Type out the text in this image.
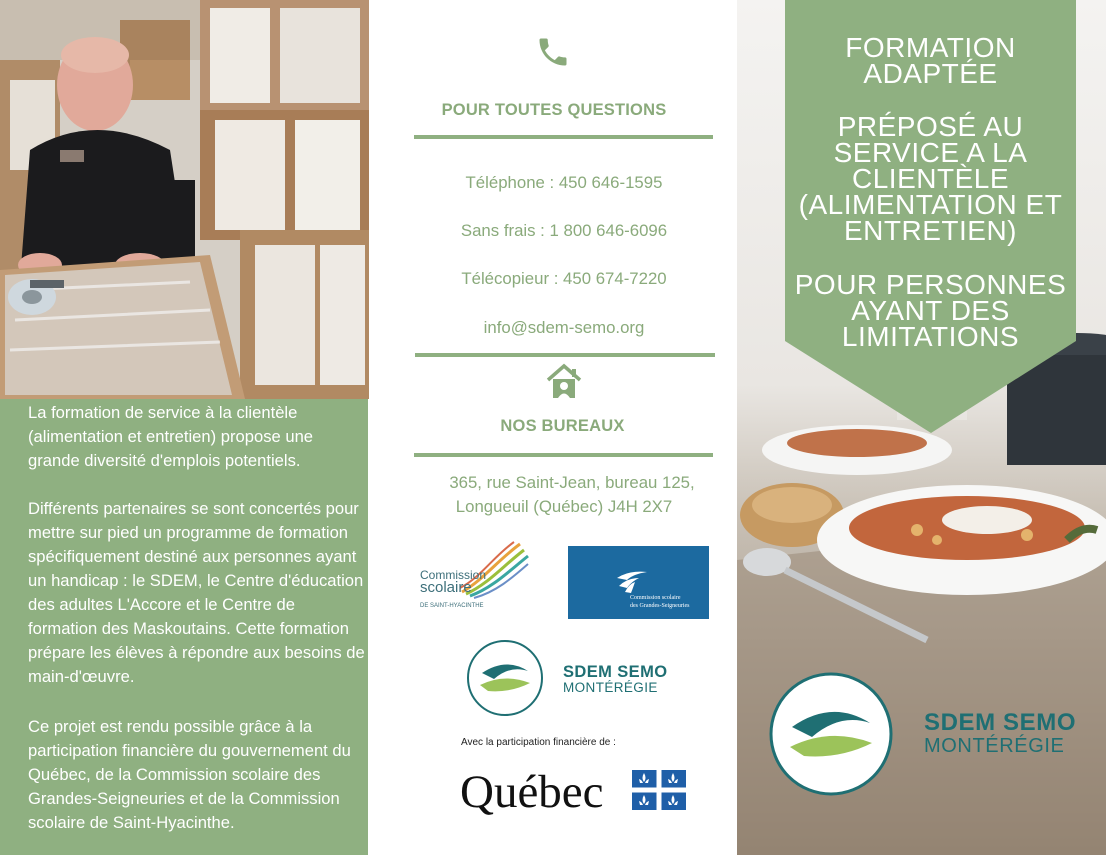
La formation de service à la clientèle (alimentation et entretien) propose une grande diversité d'emplois potentiels.

Différents partenaires se sont concertés pour mettre sur pied un programme de formation spécifiquement destiné aux personnes ayant un handicap : le SDEM, le Centre d'éducation des adultes L'Accore et le Centre de formation des Maskoutains. Cette formation prépare les élèves à répondre aux besoins de main-d'œuvre.

Ce projet est rendu possible grâce à la participation financière du gouvernement du Québec, de la Commission scolaire des Grandes-Seigneuries et de la Commission scolaire de Saint-Hyacinthe.

POUR TOUTES QUESTIONS
Téléphone : 450 646-1595
Sans frais : 1 800 646-6096
Télécopieur : 450 674-7220
info@sdem-semo.org
NOS BUREAUX
365, rue Saint-Jean, bureau 125,
Longueuil (Québec) J4H 2X7
Commission
scolaire
DE SAINT-HYACINTHE
Commission scolaire
des Grandes-Seigneuries
SDEM SEMO
MONTÉRÉGIE
Avec la participation financière de :
Québec
FORMATION
ADAPTÉE
PRÉPOSÉ AU
SERVICE A LA
CLIENTÈLE
(ALIMENTATION ET
ENTRETIEN)
POUR PERSONNES
AYANT DES
LIMITATIONS
SDEM SEMO
MONTÉRÉGIE
